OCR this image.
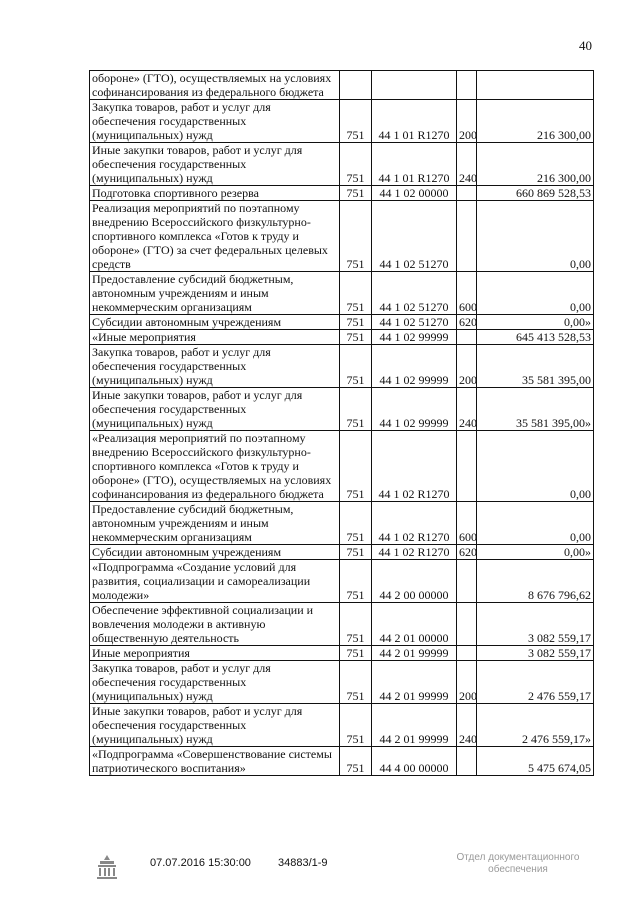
40
обороне» (ГТО), осуществляемых на условиях софинансирования из федерального бюджета				
Закупка товаров, работ и услуг для обеспечения государственных (муниципальных) нужд	751	44 1 01 R1270	200	216 300,00
Иные закупки товаров, работ и услуг для обеспечения государственных (муниципальных) нужд	751	44 1 01 R1270	240	216 300,00
Подготовка спортивного резерва	751	44 1 02 00000		660 869 528,53
Реализация мероприятий по поэтапному внедрению Всероссийского физкультурно-спортивного комплекса «Готов к труду и обороне» (ГТО) за счет федеральных целевых средств	751	44 1 02 51270		0,00
Предоставление субсидий бюджетным, автономным учреждениям и иным некоммерческим организациям	751	44 1 02 51270	600	0,00
Субсидии автономным учреждениям	751	44 1 02 51270	620	0,00»
«Иные мероприятия	751	44 1 02 99999		645 413 528,53
Закупка товаров, работ и услуг для обеспечения государственных (муниципальных) нужд	751	44 1 02 99999	200	35 581 395,00
Иные закупки товаров, работ и услуг для обеспечения государственных (муниципальных) нужд	751	44 1 02 99999	240	35 581 395,00»
«Реализация мероприятий по поэтапному внедрению Всероссийского физкультурно-спортивного комплекса «Готов к труду и обороне» (ГТО), осуществляемых на условиях софинансирования из федерального бюджета	751	44 1 02 R1270		0,00
Предоставление субсидий бюджетным, автономным учреждениям и иным некоммерческим организациям	751	44 1 02 R1270	600	0,00
Субсидии автономным учреждениям	751	44 1 02 R1270	620	0,00»
«Подпрограмма «Создание условий для развития, социализации и самореализации молодежи»	751	44 2 00 00000		8 676 796,62
Обеспечение эффективной социализации и вовлечения молодежи в активную общественную деятельность	751	44 2 01 00000		3 082 559,17
Иные мероприятия	751	44 2 01 99999		3 082 559,17
Закупка товаров, работ и услуг для обеспечения государственных (муниципальных) нужд	751	44 2 01 99999	200	2 476 559,17
Иные закупки товаров, работ и услуг для обеспечения государственных (муниципальных) нужд	751	44 2 01 99999	240	2 476 559,17»
«Подпрограмма «Совершенствование системы патриотического воспитания»	751	44 4 00 00000		5 475 674,05
07.07.2016 15:30:00 34883/1-9	Отдел документационного обеспечения
